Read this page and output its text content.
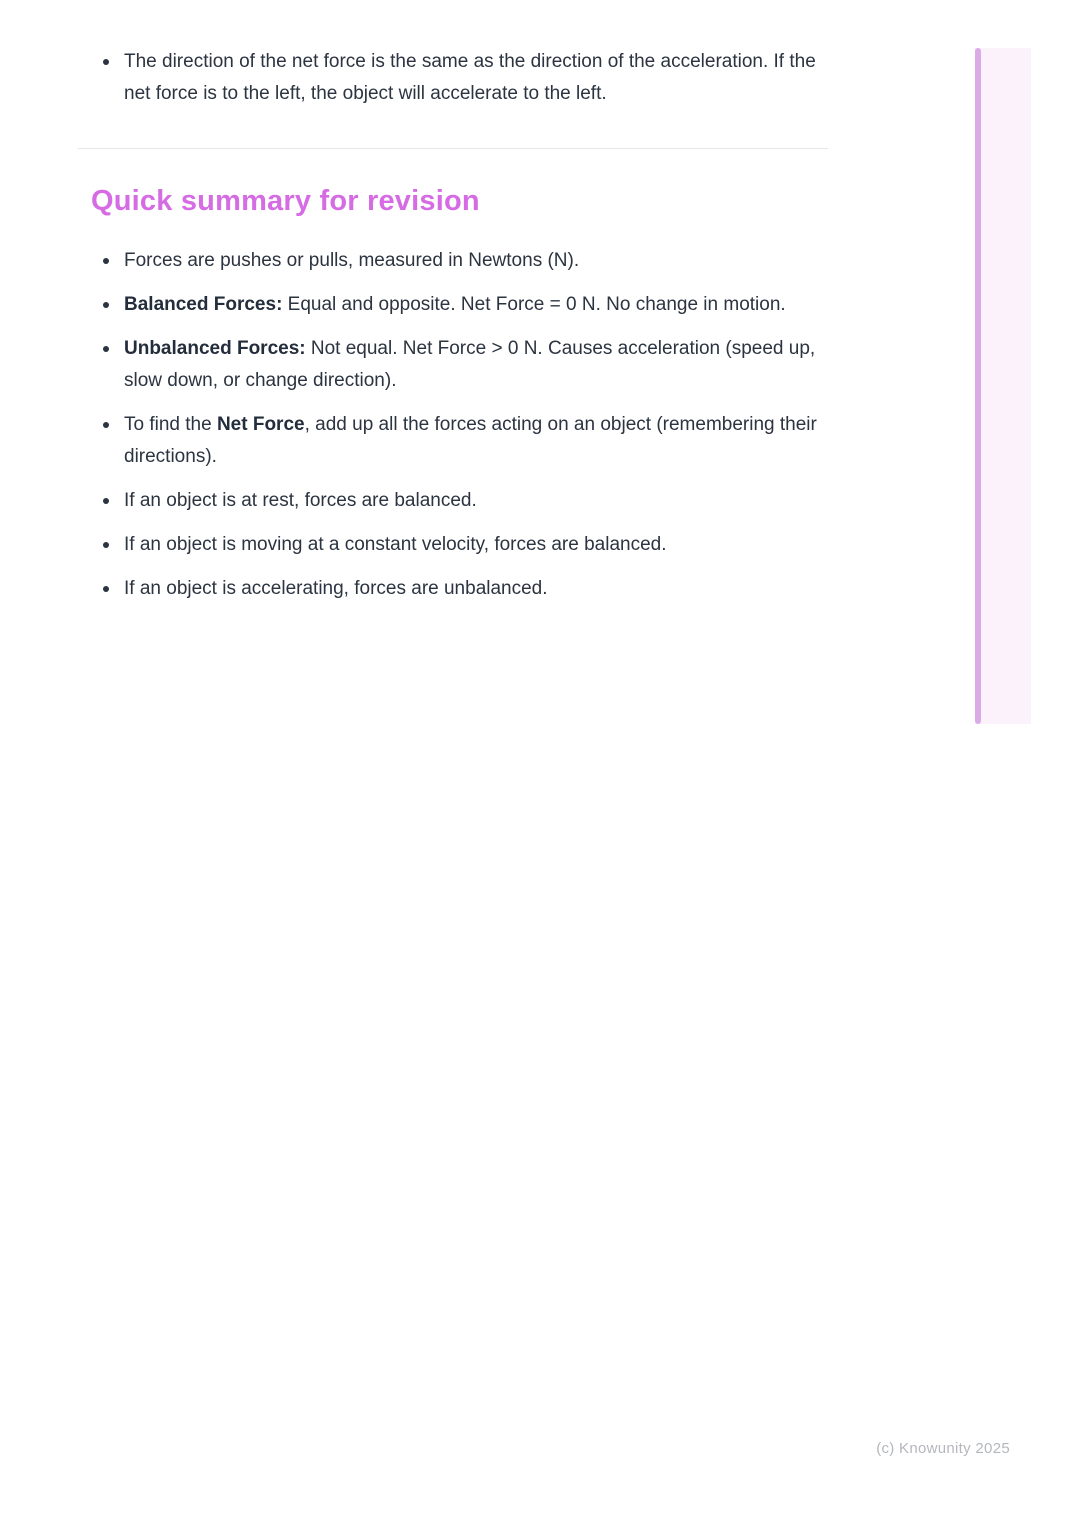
The direction of the net force is the same as the direction of the acceleration. If the net force is to the left, the object will accelerate to the left.
Quick summary for revision
Forces are pushes or pulls, measured in Newtons (N).
Balanced Forces: Equal and opposite. Net Force = 0 N. No change in motion.
Unbalanced Forces: Not equal. Net Force > 0 N. Causes acceleration (speed up, slow down, or change direction).
To find the Net Force, add up all the forces acting on an object (remembering their directions).
If an object is at rest, forces are balanced.
If an object is moving at a constant velocity, forces are balanced.
If an object is accelerating, forces are unbalanced.
(c) Knowunity 2025
